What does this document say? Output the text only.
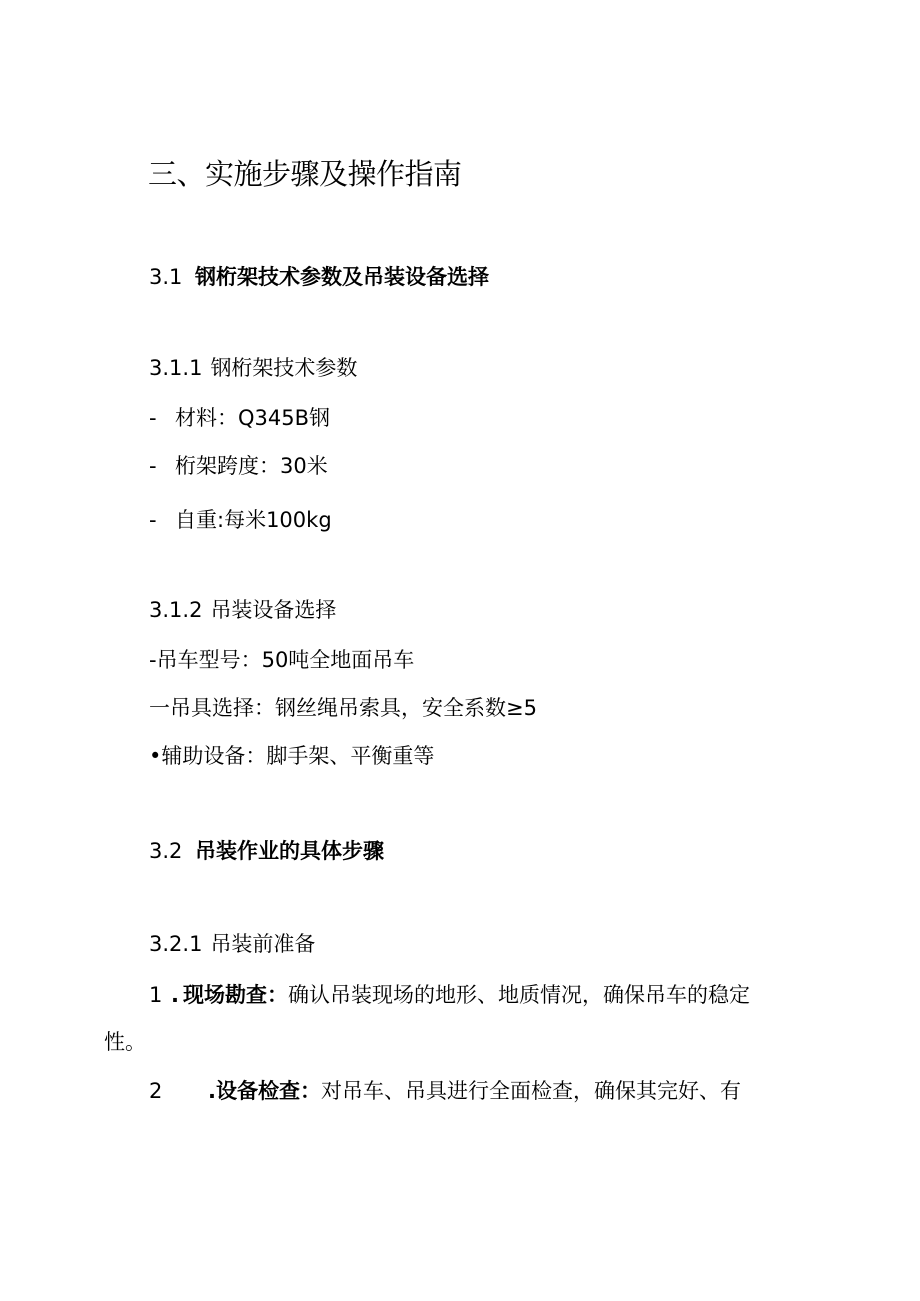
三、实施步骤及操作指南
3.1 钢桁架技术参数及吊装设备选择
3.1.1 钢桁架技术参数
- 材料：Q345B钢
- 桁架跨度：30米
- 自重:每米100kg
3.1.2 吊装设备选择
-吊车型号：50吨全地面吊车
一吊具选择：钢丝绳吊索具，安全系数≥5
•辅助设备：脚手架、平衡重等
3.2 吊装作业的具体步骤
3.2.1 吊装前准备
1 . 现场勘查：确认吊装现场的地形、地质情况，确保吊车的稳定
性。
2 .设备检查：对吊车、吊具进行全面检查，确保其完好、有
